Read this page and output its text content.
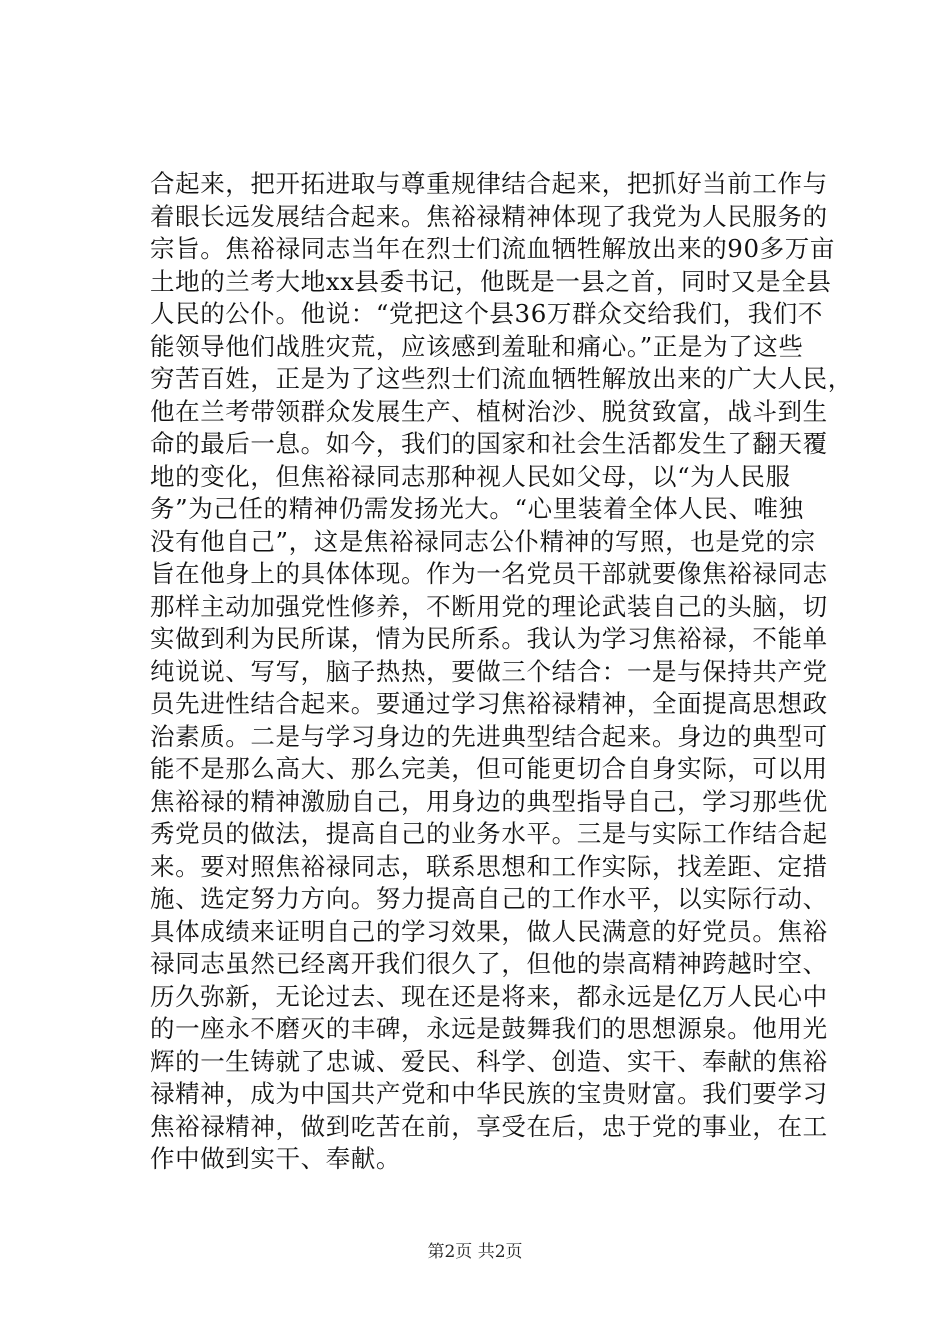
合起来，把开拓进取与尊重规律结合起来，把抓好当前工作与
着眼长远发展结合起来。焦裕禄精神体现了我党为人民服务的
宗旨。焦裕禄同志当年在烈士们流血牺牲解放出来的90多万亩
土地的兰考大地xx县委书记，他既是一县之首，同时又是全县
人民的公仆。他说：“党把这个县36万群众交给我们，我们不
能领导他们战胜灾荒，应该感到羞耻和痛心。”正是为了这些
穷苦百姓，正是为了这些烈士们流血牺牲解放出来的广大人民，
他在兰考带领群众发展生产、植树治沙、脱贫致富，战斗到生
命的最后一息。如今，我们的国家和社会生活都发生了翻天覆
地的变化，但焦裕禄同志那种视人民如父母，以“为人民服
务”为己任的精神仍需发扬光大。“心里装着全体人民、唯独
没有他自己”，这是焦裕禄同志公仆精神的写照，也是党的宗
旨在他身上的具体体现。作为一名党员干部就要像焦裕禄同志
那样主动加强党性修养，不断用党的理论武装自己的头脑，切
实做到利为民所谋，情为民所系。我认为学习焦裕禄，不能单
纯说说、写写，脑子热热，要做三个结合：一是与保持共产党
员先进性结合起来。要通过学习焦裕禄精神，全面提高思想政
治素质。二是与学习身边的先进典型结合起来。身边的典型可
能不是那么高大、那么完美，但可能更切合自身实际，可以用
焦裕禄的精神激励自己，用身边的典型指导自己，学习那些优
秀党员的做法，提高自己的业务水平。三是与实际工作结合起
来。要对照焦裕禄同志，联系思想和工作实际，找差距、定措
施、选定努力方向。努力提高自己的工作水平，以实际行动、
具体成绩来证明自己的学习效果，做人民满意的好党员。焦裕
禄同志虽然已经离开我们很久了，但他的崇高精神跨越时空、
历久弥新，无论过去、现在还是将来，都永远是亿万人民心中
的一座永不磨灭的丰碑，永远是鼓舞我们的思想源泉。他用光
辉的一生铸就了忠诚、爱民、科学、创造、实干、奉献的焦裕
禄精神，成为中国共产党和中华民族的宝贵财富。我们要学习
焦裕禄精神，做到吃苦在前，享受在后，忠于党的事业，在工
作中做到实干、奉献。
第2页 共2页
